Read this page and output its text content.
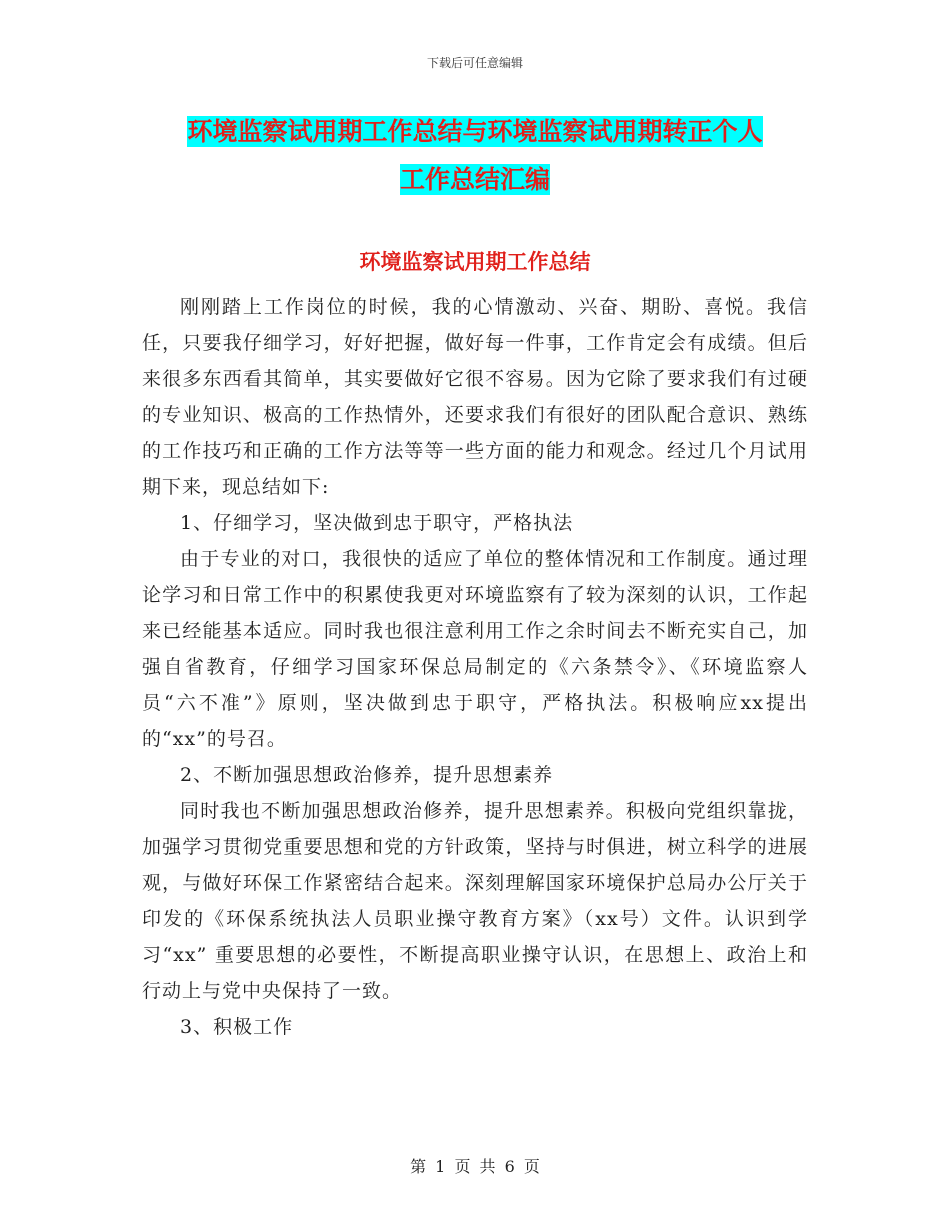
下载后可任意编辑
环境监察试用期工作总结与环境监察试用期转正个人
工作总结汇编
环境监察试用期工作总结

刚刚踏上工作岗位的时候，我的心情激动、兴奋、期盼、喜悦。我信任，只要我仔细学习，好好把握，做好每一件事，工作肯定会有成绩。但后来很多东西看其简单，其实要做好它很不容易。因为它除了要求我们有过硬的专业知识、极高的工作热情外，还要求我们有很好的团队配合意识、熟练的工作技巧和正确的工作方法等等一些方面的能力和观念。经过几个月试用期下来，现总结如下:

1、仔细学习，坚决做到忠于职守，严格执法

由于专业的对口，我很快的适应了单位的整体情况和工作制度。通过理论学习和日常工作中的积累使我更对环境监察有了较为深刻的认识，工作起来已经能基本适应。同时我也很注意利用工作之余时间去不断充实自己，加强自省教育，仔细学习国家环保总局制定的《六条禁令》、《环境监察人员“六不准”》原则，坚决做到忠于职守，严格执法。积极响应xx提出的“xx”的号召。

2、不断加强思想政治修养，提升思想素养

同时我也不断加强思想政治修养，提升思想素养。积极向党组织靠拢，加强学习贯彻党重要思想和党的方针政策，坚持与时俱进，树立科学的进展观，与做好环保工作紧密结合起来。深刻理解国家环境保护总局办公厅关于印发的《环保系统执法人员职业操守教育方案》（xx号）文件。认识到学习“xx” 重要思想的必要性，不断提高职业操守认识，在思想上、政治上和行动上与党中央保持了一致。

3、积极工作

第 1 页 共 6 页
